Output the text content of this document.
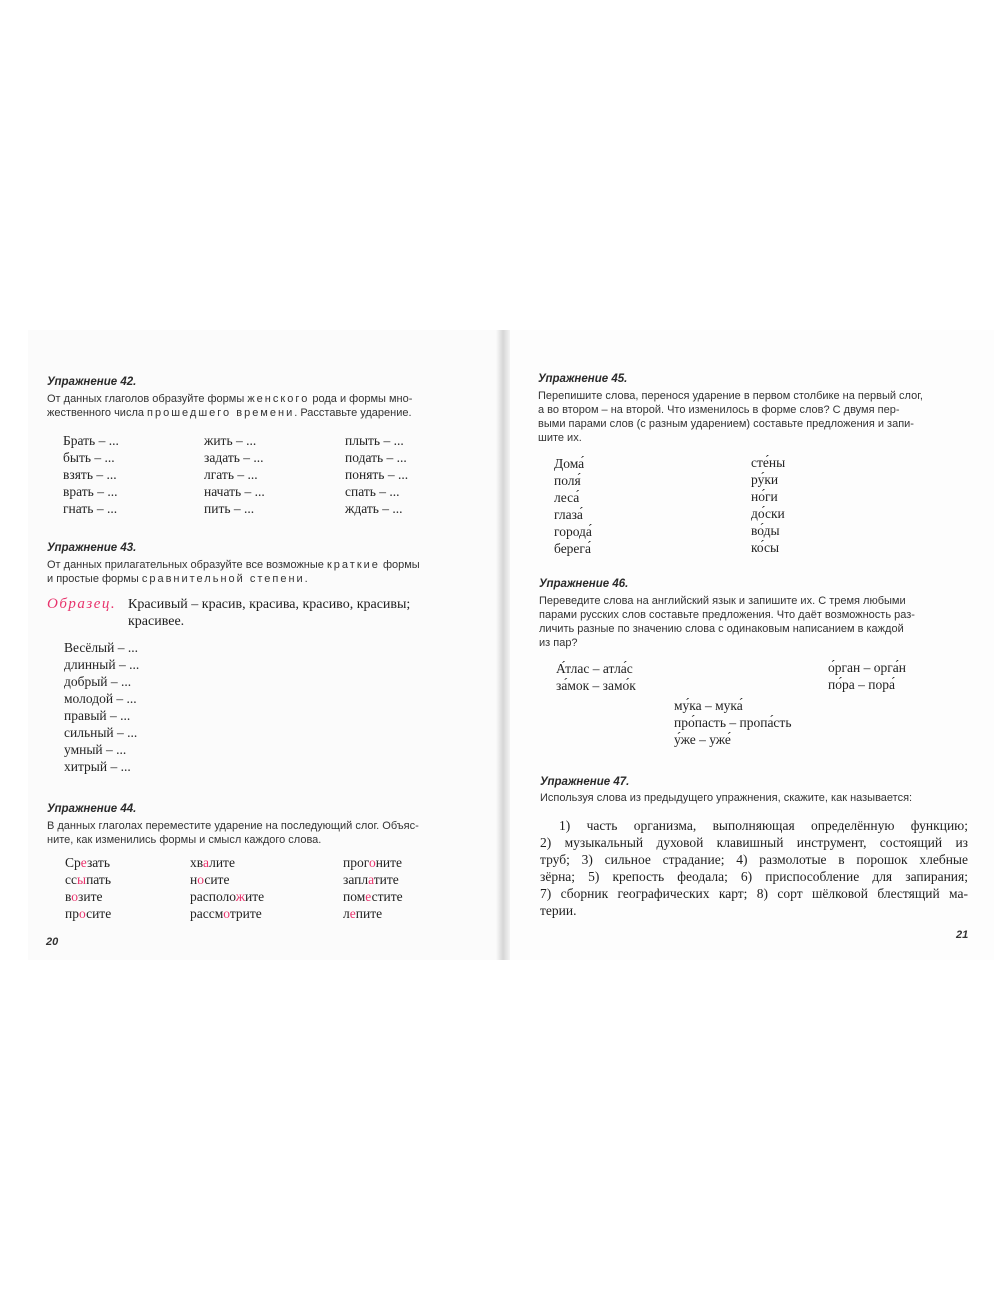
Упражнение 42.
От данных глаголов образуйте формы женского рода и формы мно-
жественного числа прошедшего времени. Расставьте ударение.
Брать – ...
быть – ...
взять – ...
врать – ...
гнать – ...
жить – ...
задать – ...
лгать – ...
начать – ...
пить – ...
плыть – ...
подать – ...
понять – ...
спать – ...
ждать – ...
Упражнение 43.
От данных прилагательных образуйте все возможные краткие формы
и простые формы сравнительной степени.
Образец. Красивый – красив, красива, красиво, красивы;
красивее.
Весёлый – ...
длинный – ...
добрый – ...
молодой – ...
правый – ...
сильный – ...
умный – ...
хитрый – ...
Упражнение 44.
В данных глаголах переместите ударение на последующий слог. Объяс-
ните, как изменились формы и смысл каждого слова.
Срезать
ссыпать
возите
просите
хвалите
носите
расположите
рассмотрите
прогоните
заплатите
поместите
лепите
20
Упражнение 45.
Перепишите слова, перенося ударение в первом столбике на первый слог,
а во втором – на второй. Что изменилось в форме слов? С двумя пер-
выми парами слов (с разным ударением) составьте предложения и запи-
шите их.
Дома́
поля́
леса́
глаза́
города́
берега́
сте́ны
ру́ки
но́ги
до́ски
во́ды
ко́сы
Упражнение 46.
Переведите слова на английский язык и запишите их. С тремя любыми
парами русских слов составьте предложения. Что даёт возможность раз-
личить разные по значению слова с одинаковым написанием в каждой
из пар?
А́тлас – атла́с
за́мок – замо́к
о́рган – орга́н
по́ра – пора́
му́ка – мука́
про́пасть – пропа́сть
у́же – уже́
Упражнение 47.
Используя слова из предыдущего упражнения, скажите, как называется:
1) часть организма, выполняющая определённую функцию;
2) музыкальный духовой клавишный инструмент, состоящий из
труб; 3) сильное страдание; 4) размолотые в порошок хлебные
зёрна; 5) крепость феодала; 6) приспособление для запирания;
7) сборник географических карт; 8) сорт шёлковой блестящий ма-
терии.
21
